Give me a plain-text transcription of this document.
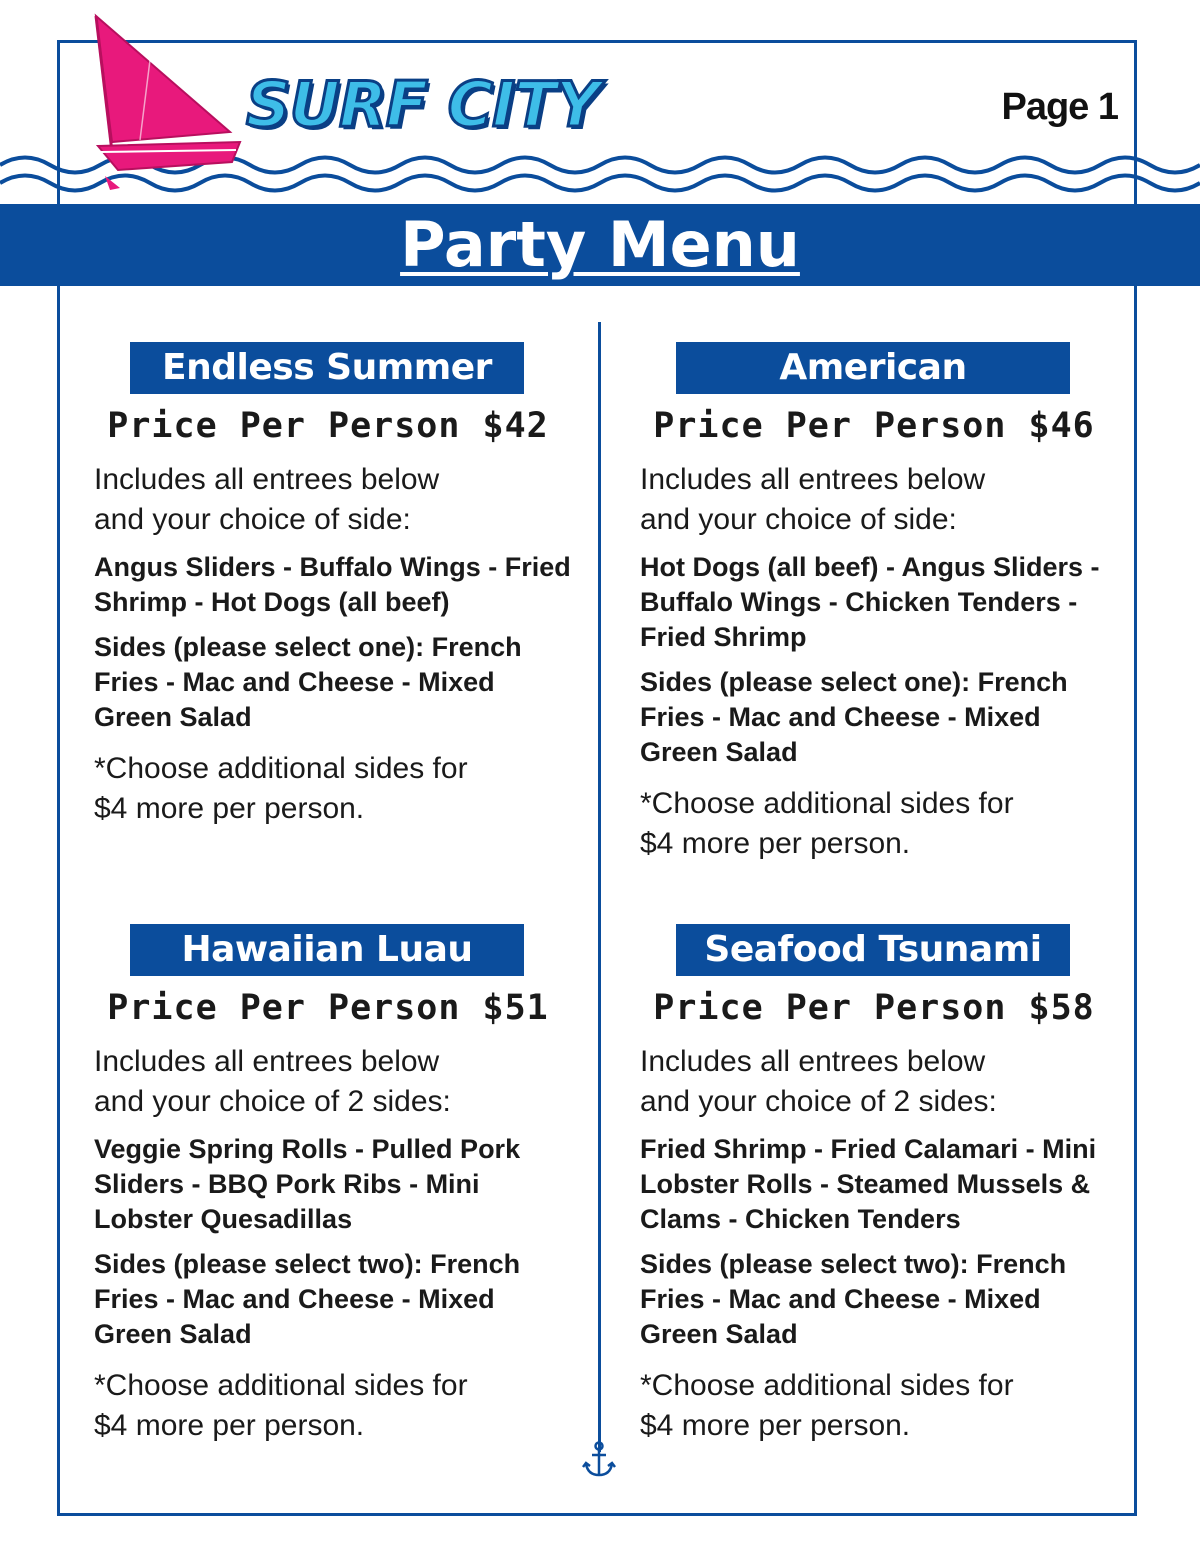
SURF CITY	Page 1
Party Menu
Endless Summer
Price Per Person $42
Includes all entrees below
and your choice of side:
Angus Sliders - Buffalo Wings - Fried Shrimp - Hot Dogs (all beef)
Sides (please select one): French Fries - Mac and Cheese - Mixed Green Salad
*Choose additional sides for
$4 more per person.
American
Price Per Person $46
Includes all entrees below
and your choice of side:
Hot Dogs (all beef) - Angus Sliders - Buffalo Wings - Chicken Tenders - Fried Shrimp
Sides (please select one): French Fries - Mac and Cheese - Mixed Green Salad
*Choose additional sides for
$4 more per person.
Hawaiian Luau
Price Per Person $51
Includes all entrees below
and your choice of 2 sides:
Veggie Spring Rolls - Pulled Pork Sliders - BBQ Pork Ribs - Mini Lobster Quesadillas
Sides (please select two): French Fries - Mac and Cheese - Mixed Green Salad
*Choose additional sides for
$4 more per person.
Seafood Tsunami
Price Per Person $58
Includes all entrees below
and your choice of 2 sides:
Fried Shrimp - Fried Calamari - Mini Lobster Rolls - Steamed Mussels & Clams - Chicken Tenders
Sides (please select two): French Fries - Mac and Cheese - Mixed Green Salad
*Choose additional sides for
$4 more per person.
